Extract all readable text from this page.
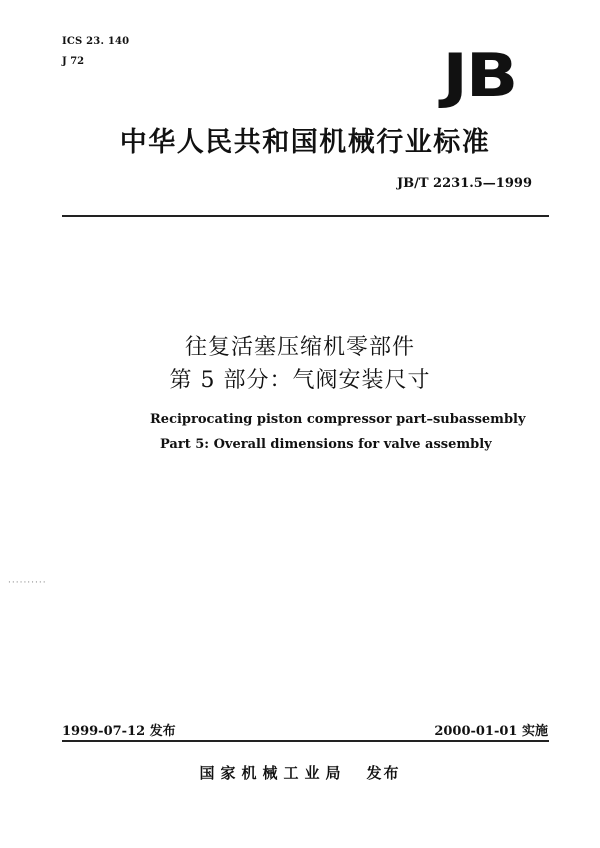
ICS 23. 140
J 72	JB
中华人民共和国机械行业标准
JB/T 2231.5—1999
往复活塞压缩机零部件
第 5 部分：气阀安装尺寸
Reciprocating piston compressor part–subassembly
Part 5: Overall dimensions for valve assembly
··········
1999-07-12 发布	2000-01-01 实施
国家机械工业局 发布
